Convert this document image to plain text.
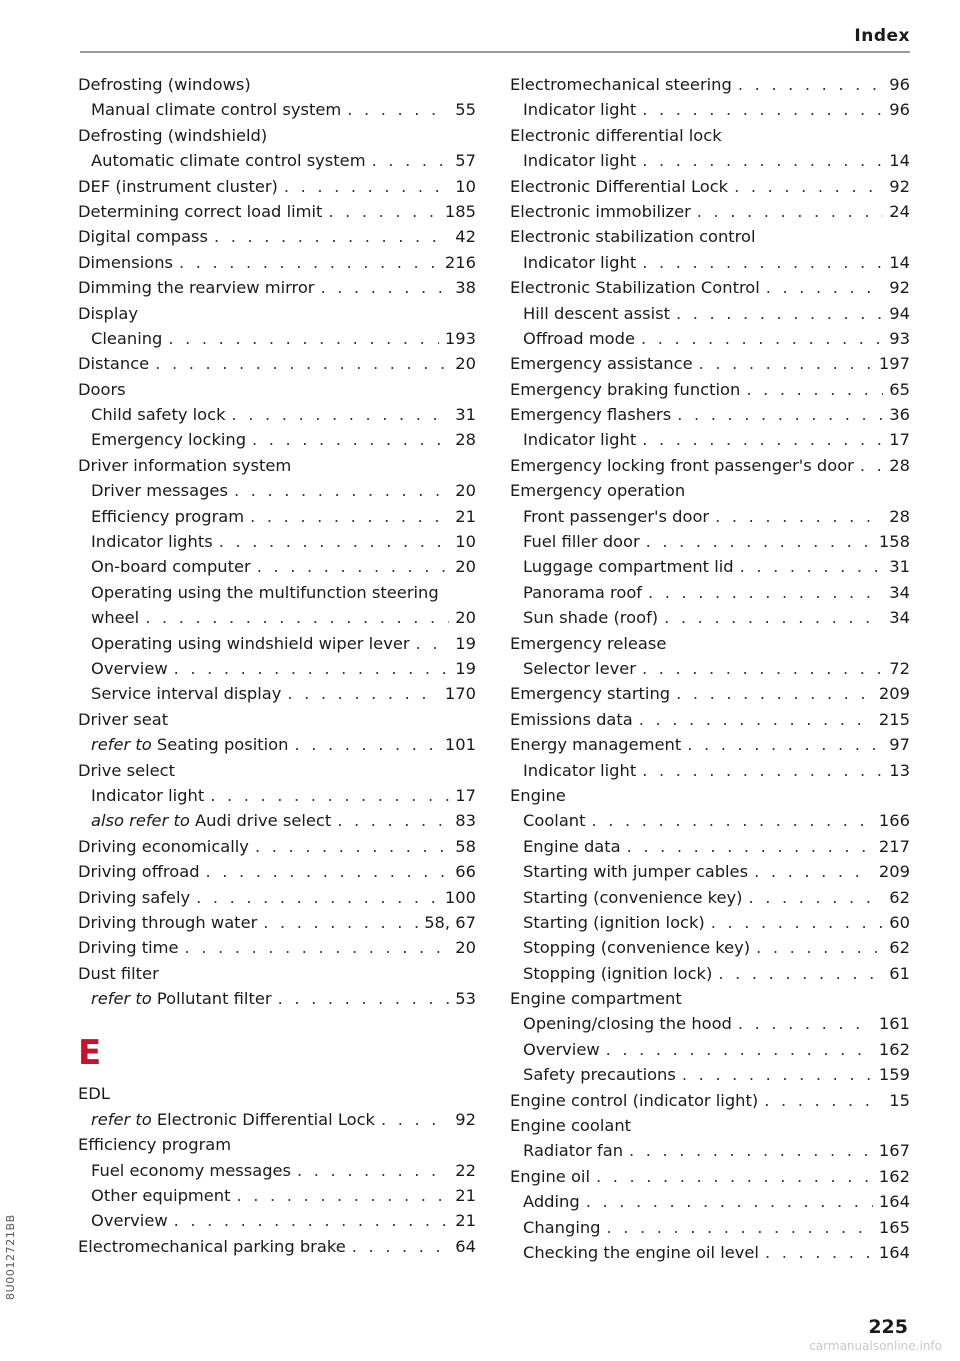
Index
Defrosting (windows)
Manual climate control system . . .	55
Defrosting (windshield)
Automatic climate control system . . .	57
DEF (instrument cluster) . . .	10
Determining correct load limit . . .	185
Digital compass . . .	42
Dimensions . . .	216
Dimming the rearview mirror . . .	38
Display
Cleaning . . .	193
Distance . . .	20
Doors
Child safety lock . . .	31
Emergency locking . . .	28
Driver information system
Driver messages . . .	20
Efficiency program . . .	21
Indicator lights . . .	10
On-board computer . . .	20
Operating using the multifunction steering
wheel . . .	20
Operating using windshield wiper lever . . .	19
Overview . . .	19
Service interval display . . .	170
Driver seat
refer to Seating position . . .	101
Drive select
Indicator light . . .	17
also refer to Audi drive select . . .	83
Driving economically . . .	58
Driving offroad . . .	66
Driving safely . . .	100
Driving through water . . .	58, 67
Driving time . . .	20
Dust filter
refer to Pollutant filter . . .	53
E
EDL
refer to Electronic Differential Lock . . .	92
Efficiency program
Fuel economy messages . . .	22
Other equipment . . .	21
Overview . . .	21
Electromechanical parking brake . . .	64
Electromechanical steering . . .	96
Indicator light . . .	96
Electronic differential lock
Indicator light . . .	14
Electronic Differential Lock . . .	92
Electronic immobilizer . . .	24
Electronic stabilization control
Indicator light . . .	14
Electronic Stabilization Control . . .	92
Hill descent assist . . .	94
Offroad mode . . .	93
Emergency assistance . . .	197
Emergency braking function . . .	65
Emergency flashers . . .	36
Indicator light . . .	17
Emergency locking front passenger's door . . . 28
Emergency operation
Front passenger's door . . .	28
Fuel filler door . . .	158
Luggage compartment lid . . .	31
Panorama roof . . .	34
Sun shade (roof) . . .	34
Emergency release
Selector lever . . .	72
Emergency starting . . .	209
Emissions data . . .	215
Energy management . . .	97
Indicator light . . .	13
Engine
Coolant . . .	166
Engine data . . .	217
Starting with jumper cables . . .	209
Starting (convenience key) . . .	62
Starting (ignition lock) . . .	60
Stopping (convenience key) . . .	62
Stopping (ignition lock) . . .	61
Engine compartment
Opening/closing the hood . . .	161
Overview . . .	162
Safety precautions . . .	159
Engine control (indicator light) . . .	15
Engine coolant
Radiator fan . . .	167
Engine oil . . .	162
Adding . . .	164
Changing . . .	165
Checking the engine oil level . . .	164
8U0012721BB
225
carmanualsonline.info
